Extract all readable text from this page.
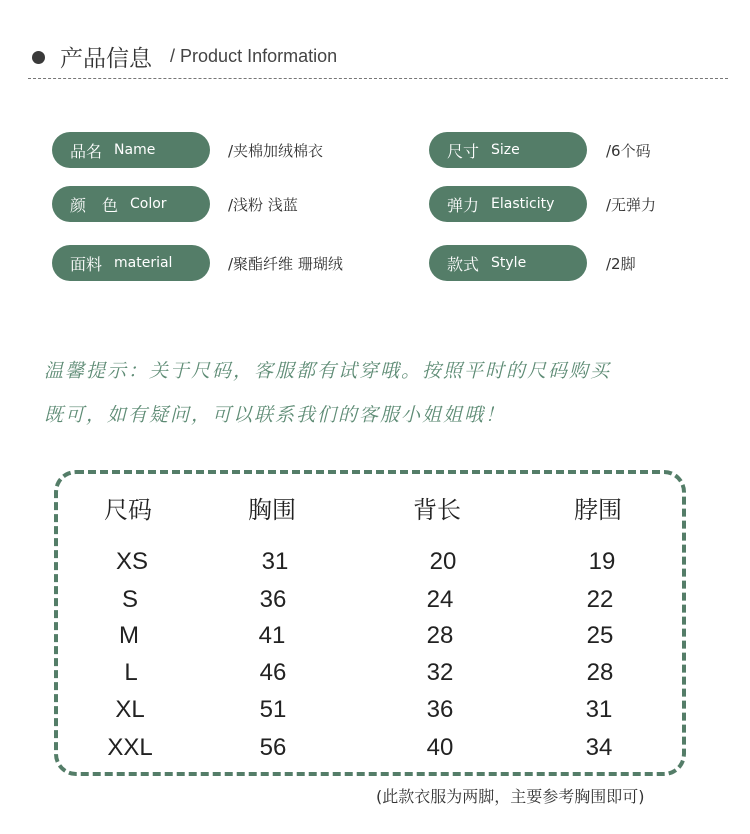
产品信息 / Product Information
品名 Name	/夹棉加绒棉衣	尺寸 Size	/6个码
颜　色 Color	/浅粉 浅蓝	弹力 Elasticity	/无弹力
面料 material	/聚酯纤维 珊瑚绒	款式 Style	/2脚
温馨提示：关于尺码，客服都有试穿哦。按照平时的尺码购买
既可，如有疑问，可以联系我们的客服小姐姐哦！
尺码	胸围	背长	脖围
XS	31	20	19
S	36	24	22
M	41	28	25
L	46	32	28
XL	51	36	31
XXL	56	40	34
(此款衣服为两脚，主要参考胸围即可)
